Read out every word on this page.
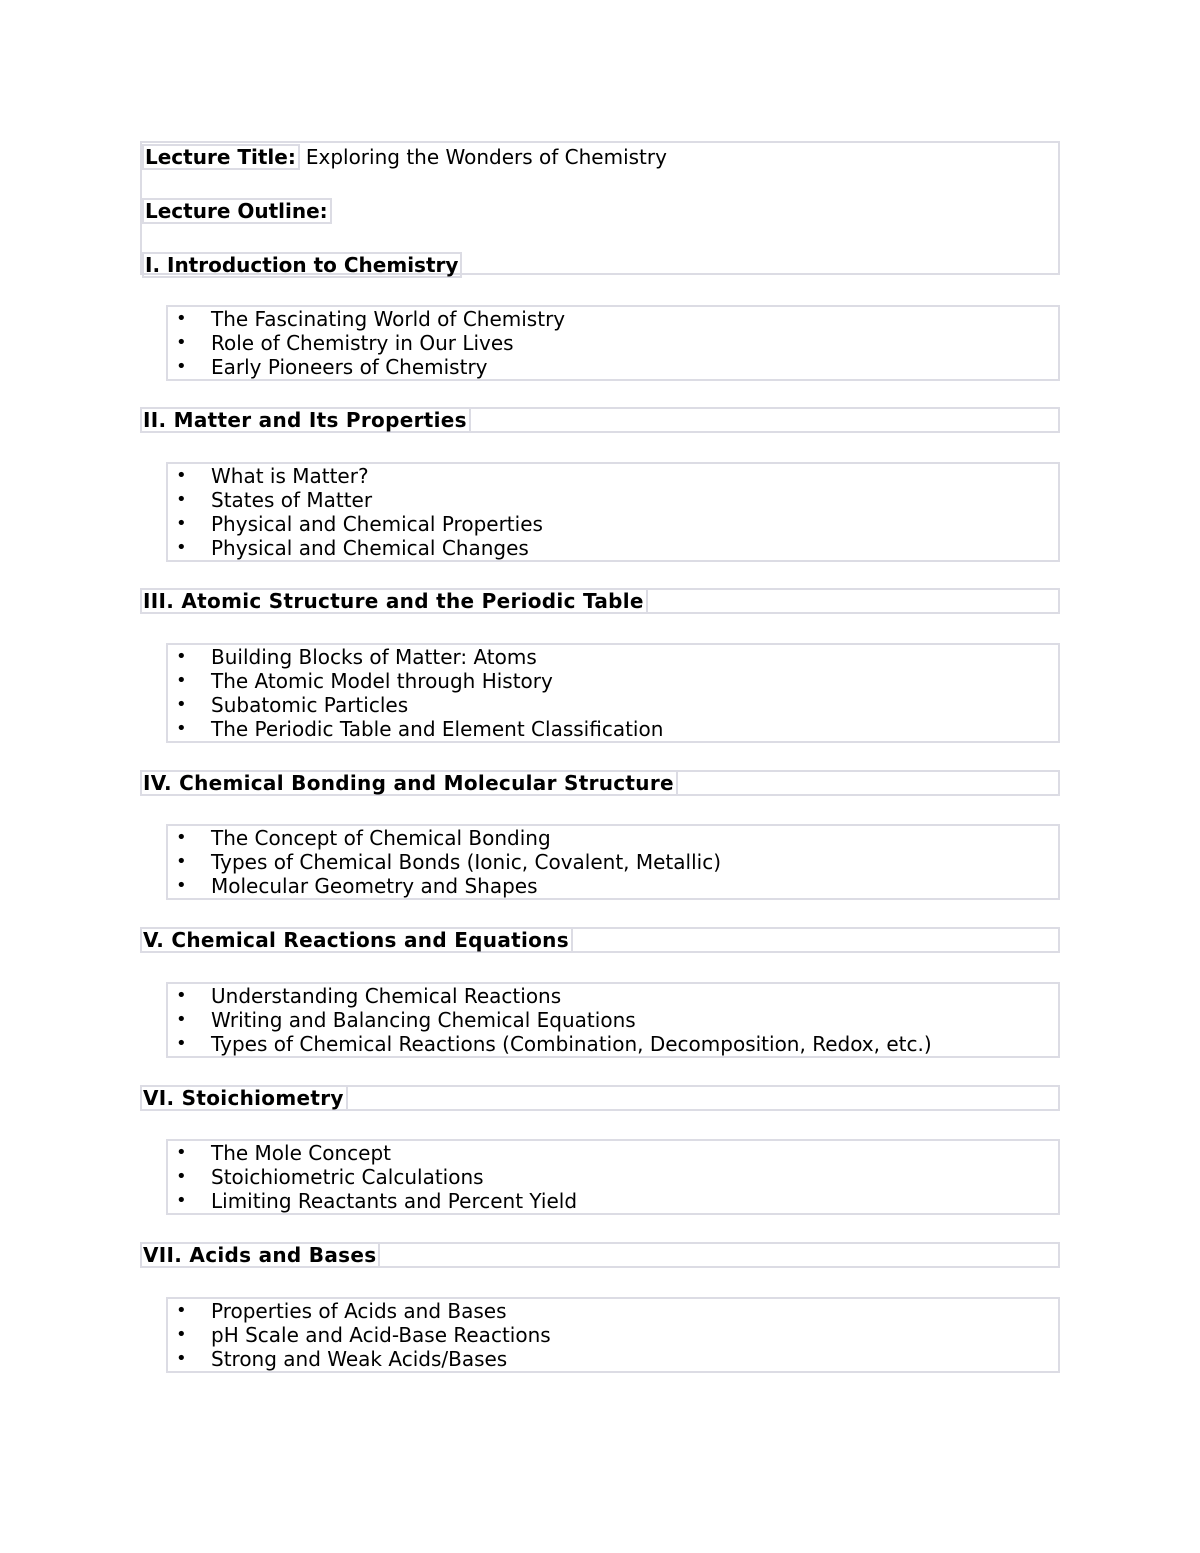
Lecture Title: Exploring the Wonders of Chemistry
Lecture Outline:
I. Introduction to Chemistry
• The Fascinating World of Chemistry
• Role of Chemistry in Our Lives
• Early Pioneers of Chemistry
II. Matter and Its Properties
• What is Matter?
• States of Matter
• Physical and Chemical Properties
• Physical and Chemical Changes
III. Atomic Structure and the Periodic Table
• Building Blocks of Matter: Atoms
• The Atomic Model through History
• Subatomic Particles
• The Periodic Table and Element Classification
IV. Chemical Bonding and Molecular Structure
• The Concept of Chemical Bonding
• Types of Chemical Bonds (Ionic, Covalent, Metallic)
• Molecular Geometry and Shapes
V. Chemical Reactions and Equations
• Understanding Chemical Reactions
• Writing and Balancing Chemical Equations
• Types of Chemical Reactions (Combination, Decomposition, Redox, etc.)
VI. Stoichiometry
• The Mole Concept
• Stoichiometric Calculations
• Limiting Reactants and Percent Yield
VII. Acids and Bases
• Properties of Acids and Bases
• pH Scale and Acid-Base Reactions
• Strong and Weak Acids/Bases
